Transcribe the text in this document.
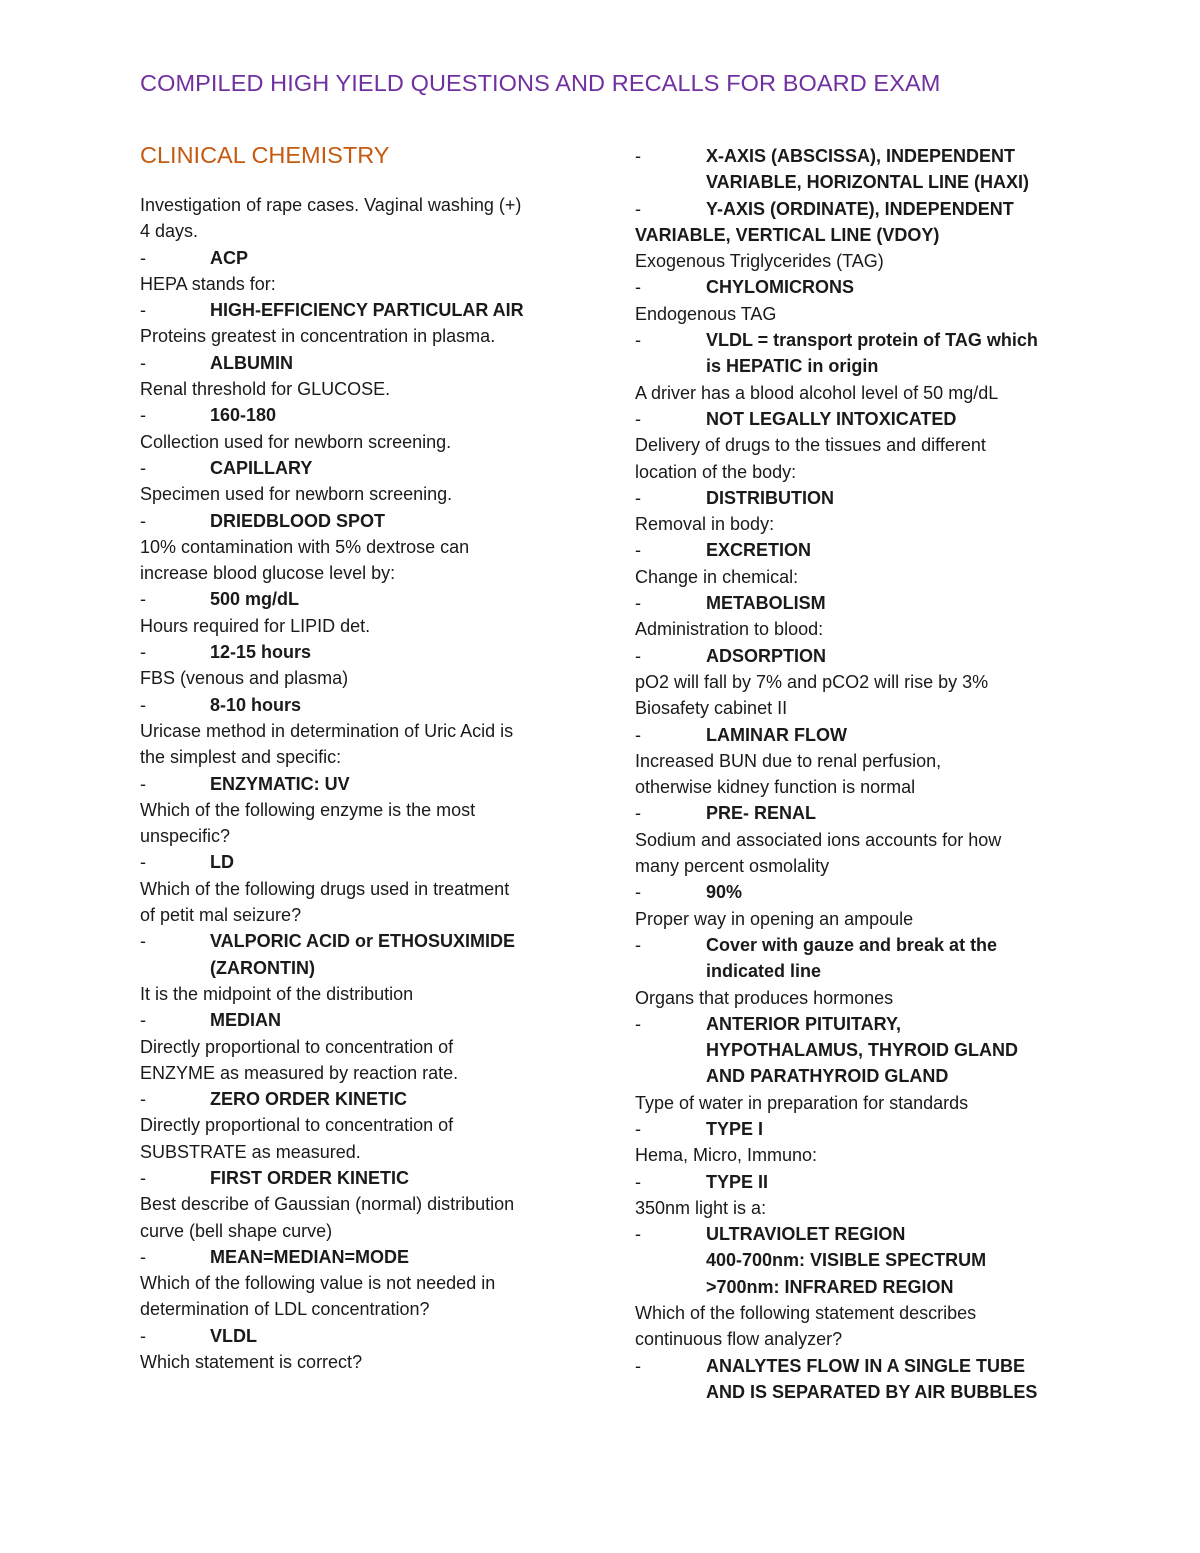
COMPILED HIGH YIELD QUESTIONS AND RECALLS FOR BOARD EXAM
CLINICAL CHEMISTRY
Investigation of rape cases. Vaginal washing (+)
4 days.
-	ACP
HEPA stands for:
-	HIGH-EFFICIENCY PARTICULAR AIR
Proteins greatest in concentration in plasma.
-	ALBUMIN
Renal threshold for GLUCOSE.
-	160-180
Collection used for newborn screening.
-	CAPILLARY
Specimen used for newborn screening.
-	DRIEDBLOOD SPOT
10% contamination with 5% dextrose can
increase blood glucose level by:
-	500 mg/dL
Hours required for LIPID det.
-	12-15 hours
FBS (venous and plasma)
-	8-10 hours
Uricase method in determination of Uric Acid is
the simplest and specific:
-	ENZYMATIC: UV
Which of the following enzyme is the most
unspecific?
-	LD
Which of the following drugs used in treatment
of petit mal seizure?
-	VALPORIC ACID or ETHOSUXIMIDE
(ZARONTIN)
It is the midpoint of the distribution
-	MEDIAN
Directly proportional to concentration of
ENZYME as measured by reaction rate.
-	ZERO ORDER KINETIC
Directly proportional to concentration of
SUBSTRATE as measured.
-	FIRST ORDER KINETIC
Best describe of Gaussian (normal) distribution
curve (bell shape curve)
-	MEAN=MEDIAN=MODE
Which of the following value is not needed in
determination of LDL concentration?
-	VLDL
Which statement is correct?
-	X-AXIS (ABSCISSA), INDEPENDENT
VARIABLE, HORIZONTAL LINE (HAXI)
-	Y-AXIS (ORDINATE), INDEPENDENT
VARIABLE, VERTICAL LINE (VDOY)
Exogenous Triglycerides (TAG)
-	CHYLOMICRONS
Endogenous TAG
-	VLDL = transport protein of TAG which
is HEPATIC in origin
A driver has a blood alcohol level of 50 mg/dL
-	NOT LEGALLY INTOXICATED
Delivery of drugs to the tissues and different
location of the body:
-	DISTRIBUTION
Removal in body:
-	EXCRETION
Change in chemical:
-	METABOLISM
Administration to blood:
-	ADSORPTION
pO2 will fall by 7% and pCO2 will rise by 3%
Biosafety cabinet II
-	LAMINAR FLOW
Increased BUN due to renal perfusion,
otherwise kidney function is normal
-	PRE- RENAL
Sodium and associated ions accounts for how
many percent osmolality
-	90%
Proper way in opening an ampoule
-	Cover with gauze and break at the
indicated line
Organs that produces hormones
-	ANTERIOR PITUITARY,
HYPOTHALAMUS, THYROID GLAND
AND PARATHYROID GLAND
Type of water in preparation for standards
-	TYPE I
Hema, Micro, Immuno:
-	TYPE II
350nm light is a:
-	ULTRAVIOLET REGION
400-700nm: VISIBLE SPECTRUM
>700nm: INFRARED REGION
Which of the following statement describes
continuous flow analyzer?
-	ANALYTES FLOW IN A SINGLE TUBE
AND IS SEPARATED BY AIR BUBBLES
